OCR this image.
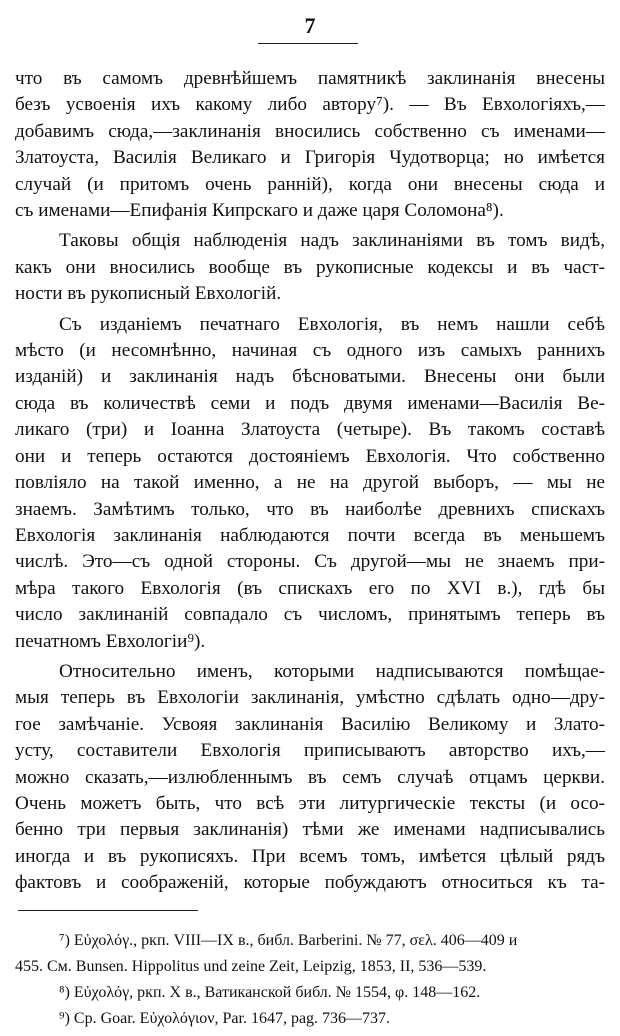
7
что въ самомъ древнѣйшемъ памятникѣ заклинанія внесены
безъ усвоенія ихъ какому либо автору⁷). — Въ Евхологіяхъ,—
добавимъ сюда,—заклинанія вносились собственно съ именами—
Златоуста, Василія Великаго и Григорія Чудотворца; но имѣется
случай (и притомъ очень ранній), когда они внесены сюда и
съ именами—Епифанія Кипрскаго и даже царя Соломона⁸).
Таковы общія наблюденія надъ заклинаніями въ томъ видѣ,
какъ они вносились вообще въ рукописные кодексы и въ част-
ности въ рукописный Евхологій.
Съ изданіемъ печатнаго Евхологія, въ немъ нашли себѣ
мѣсто (и несомнѣнно, начиная съ одного изъ самыхъ раннихъ
изданій) и заклинанія надъ бѣсноватыми. Внесены они были
сюда въ количествѣ семи и подъ двумя именами—Василія Ве-
ликаго (три) и Іоанна Златоуста (четыре). Въ такомъ составѣ
они и теперь остаются достояніемъ Евхологія. Что собственно
повліяло на такой именно, а не на другой выборъ, — мы не
знаемъ. Замѣтимъ только, что въ наиболѣе древнихъ спискахъ
Евхологія заклинанія наблюдаются почти всегда въ меньшемъ
числѣ. Это—съ одной стороны. Съ другой—мы не знаемъ при-
мѣра такого Евхологія (въ спискахъ его по XVI в.), гдѣ бы
число заклинаній совпадало съ числомъ, принятымъ теперь въ
печатномъ Евхологіи⁹).
Относительно именъ, которыми надписываются помѣщае-
мыя теперь въ Евхологіи заклинанія, умѣстно сдѣлать одно—дру-
гое замѣчаніе. Усвояя заклинанія Василію Великому и Злато-
усту, составители Евхологія приписываютъ авторство ихъ,—
можно сказать,—излюбленнымъ въ семъ случаѣ отцамъ церкви.
Очень можетъ быть, что всѣ эти литургическіе тексты (и осо-
бенно три первыя заклинанія) тѣми же именами надписывались
иногда и въ рукописяхъ. При всемъ томъ, имѣется цѣлый рядъ
фактовъ и соображеній, которые побуждаютъ относиться къ та-
⁷) Εὐχολόγ., ркп. VIII—IX в., библ. Barberini. № 77, σελ. 406—409 и
455. См. Bunsen. Hippolitus und zeine Zeit, Leipzig, 1853, II, 536—539.
⁸) Εὐχολόγ, ркп. X в., Ватиканской библ. № 1554, φ. 148—162.
⁹) Ср. Goar. Εὐχολόγιον, Par. 1647, pag. 736—737.
